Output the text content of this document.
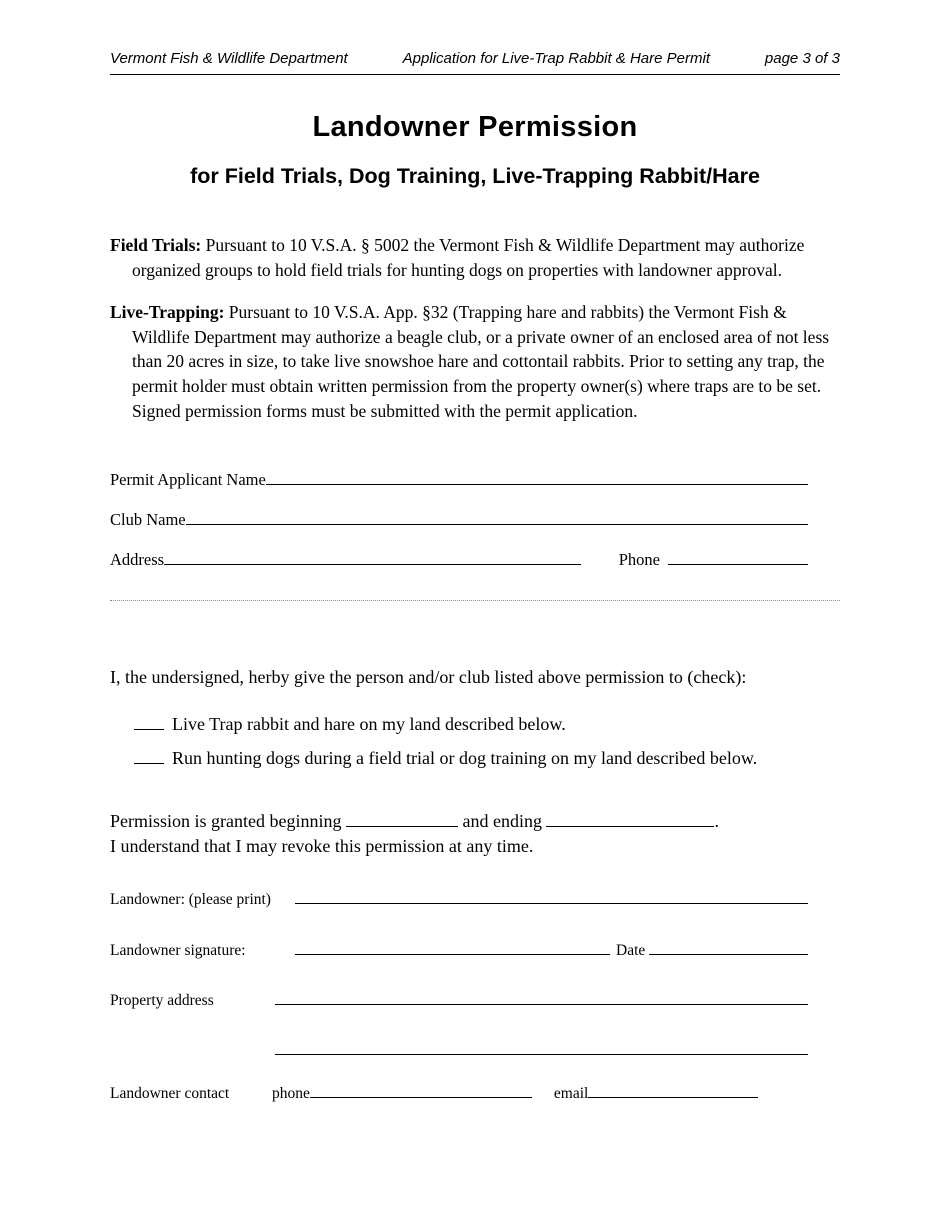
Vermont Fish & Wildlife Department	Application for Live-Trap Rabbit & Hare Permit	page 3 of 3
Landowner Permission
for Field Trials, Dog Training, Live-Trapping Rabbit/Hare

Field Trials: Pursuant to 10 V.S.A. § 5002 the Vermont Fish & Wildlife Department may authorize organized groups to hold field trials for hunting dogs on properties with landowner approval.

Live-Trapping: Pursuant to 10 V.S.A. App. §32 (Trapping hare and rabbits) the Vermont Fish & Wildlife Department may authorize a beagle club, or a private owner of an enclosed area of not less than 20 acres in size, to take live snowshoe hare and cottontail rabbits. Prior to setting any trap, the permit holder must obtain written permission from the property owner(s) where traps are to be set. Signed permission forms must be submitted with the permit application.

Permit Applicant Name
Club Name
Address	Phone

I, the undersigned, herby give the person and/or club listed above permission to (check):

Live Trap rabbit and hare on my land described below.
Run hunting dogs during a field trial or dog training on my land described below.
Permission is granted beginning	and ending	.
I understand that I may revoke this permission at any time.
Landowner: (please print)
Landowner signature:	Date
Property address
Landowner contact	phone	email
